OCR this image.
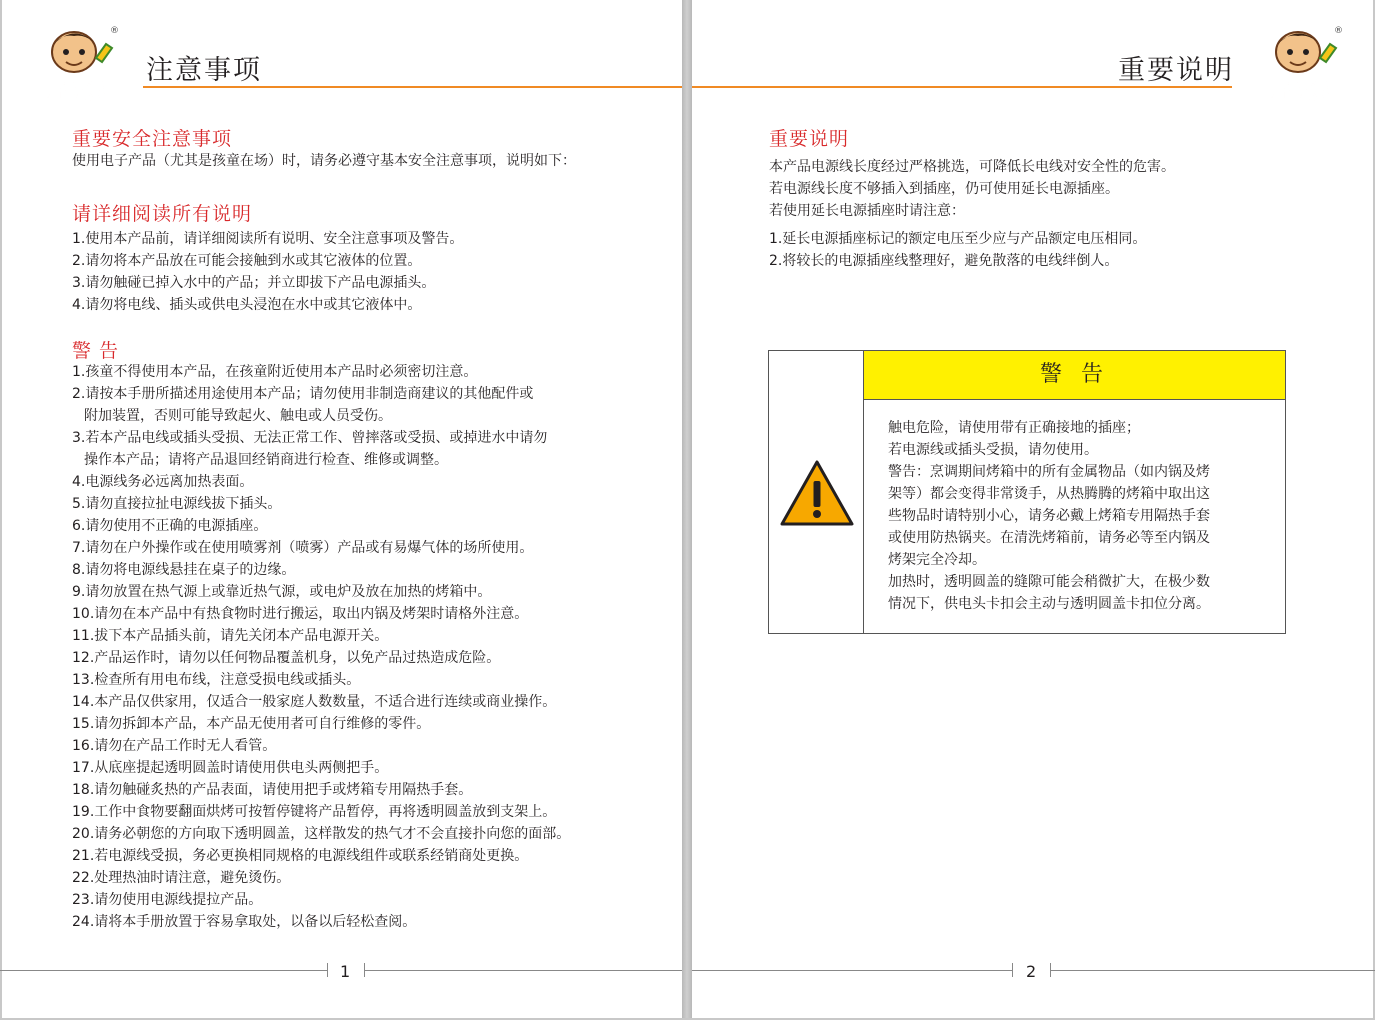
好吃爹
®
注意事项
重要安全注意事项
使用电子产品（尤其是孩童在场）时，请务必遵守基本安全注意事项，说明如下：
请详细阅读所有说明
1.使用本产品前，请详细阅读所有说明、安全注意事项及警告。
2.请勿将本产品放在可能会接触到水或其它液体的位置。
3.请勿触碰已掉入水中的产品；并立即拔下产品电源插头。
4.请勿将电线、插头或供电头浸泡在水中或其它液体中。
警 告
1.孩童不得使用本产品，在孩童附近使用本产品时必须密切注意。
2.请按本手册所描述用途使用本产品；请勿使用非制造商建议的其他配件或
附加装置，否则可能导致起火、触电或人员受伤。
3.若本产品电线或插头受损、无法正常工作、曾摔落或受损、或掉进水中请勿
操作本产品；请将产品退回经销商进行检查、维修或调整。
4.电源线务必远离加热表面。
5.请勿直接拉扯电源线拔下插头。
6.请勿使用不正确的电源插座。
7.请勿在户外操作或在使用喷雾剂（喷雾）产品或有易爆气体的场所使用。
8.请勿将电源线悬挂在桌子的边缘。
9.请勿放置在热气源上或靠近热气源，或电炉及放在加热的烤箱中。
10.请勿在本产品中有热食物时进行搬运，取出内锅及烤架时请格外注意。
11.拔下本产品插头前，请先关闭本产品电源开关。
12.产品运作时，请勿以任何物品覆盖机身，以免产品过热造成危险。
13.检查所有用电布线，注意受损电线或插头。
14.本产品仅供家用，仅适合一般家庭人数数量，不适合进行连续或商业操作。
15.请勿拆卸本产品，本产品无使用者可自行维修的零件。
16.请勿在产品工作时无人看管。
17.从底座提起透明圆盖时请使用供电头两侧把手。
18.请勿触碰炙热的产品表面，请使用把手或烤箱专用隔热手套。
19.工作中食物要翻面烘烤可按暂停键将产品暂停，再将透明圆盖放到支架上。
20.请务必朝您的方向取下透明圆盖，这样散发的热气才不会直接扑向您的面部。
21.若电源线受损，务必更换相同规格的电源线组件或联系经销商处更换。
22.处理热油时请注意，避免烫伤。
23.请勿使用电源线提拉产品。
24.请将本手册放置于容易拿取处，以备以后轻松查阅。
1
重要说明
好吃爹
®
重要说明
本产品电源线长度经过严格挑选，可降低长电线对安全性的危害。
若电源线长度不够插入到插座，仍可使用延长电源插座。
若使用延长电源插座时请注意：
1.延长电源插座标记的额定电压至少应与产品额定电压相同。
2.将较长的电源插座线整理好，避免散落的电线绊倒人。
警 告
触电危险，请使用带有正确接地的插座；
若电源线或插头受损，请勿使用。
警告：烹调期间烤箱中的所有金属物品（如内锅及烤
架等）都会变得非常烫手，从热腾腾的烤箱中取出这
些物品时请特别小心，请务必戴上烤箱专用隔热手套
或使用防热锅夹。在清洗烤箱前，请务必等至内锅及
烤架完全冷却。
加热时，透明圆盖的缝隙可能会稍微扩大，在极少数
情况下，供电头卡扣会主动与透明圆盖卡扣位分离。
2
